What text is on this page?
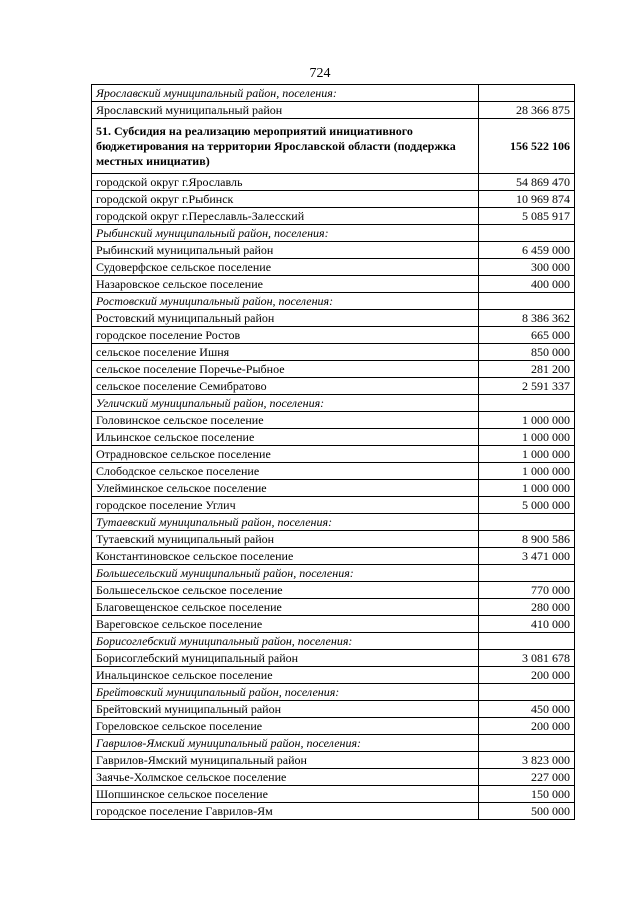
724
Ярославский муниципальный район, поселения:	
Ярославский муниципальный район	28 366 875
51. Субсидия на реализацию мероприятий инициативного бюджетирования на территории Ярославской области (поддержка местных инициатив)	156 522 106
городской округ г.Ярославль	54 869 470
городской округ г.Рыбинск	10 969 874
городской округ г.Переславль-Залесский	5 085 917
Рыбинский муниципальный район, поселения:	
Рыбинский муниципальный район	6 459 000
Судоверфское сельское поселение	300 000
Назаровское сельское поселение	400 000
Ростовский муниципальный район, поселения:	
Ростовский муниципальный район	8 386 362
городское поселение Ростов	665 000
сельское поселение Ишня	850 000
сельское поселение Поречье-Рыбное	281 200
сельское поселение Семибратово	2 591 337
Угличский муниципальный район, поселения:	
Головинское сельское поселение	1 000 000
Ильинское сельское поселение	1 000 000
Отрадновское сельское поселение	1 000 000
Слободское сельское поселение	1 000 000
Улейминское сельское поселение	1 000 000
городское поселение Углич	5 000 000
Тутаевский муниципальный район, поселения:	
Тутаевский муниципальный район	8 900 586
Константиновское сельское поселение	3 471 000
Большесельский муниципальный район, поселения:	
Большесельское сельское поселение	770 000
Благовещенское сельское поселение	280 000
Вареговское сельское поселение	410 000
Борисоглебский муниципальный район, поселения:	
Борисоглебский муниципальный район	3 081 678
Инальцинское сельское поселение	200 000
Брейтовский муниципальный район, поселения:	
Брейтовский муниципальный район	450 000
Гореловское сельское поселение	200 000
Гаврилов-Ямский муниципальный район, поселения:	
Гаврилов-Ямский муниципальный район	3 823 000
Заячье-Холмское сельское поселение	227 000
Шопшинское сельское поселение	150 000
городское поселение Гаврилов-Ям	500 000
